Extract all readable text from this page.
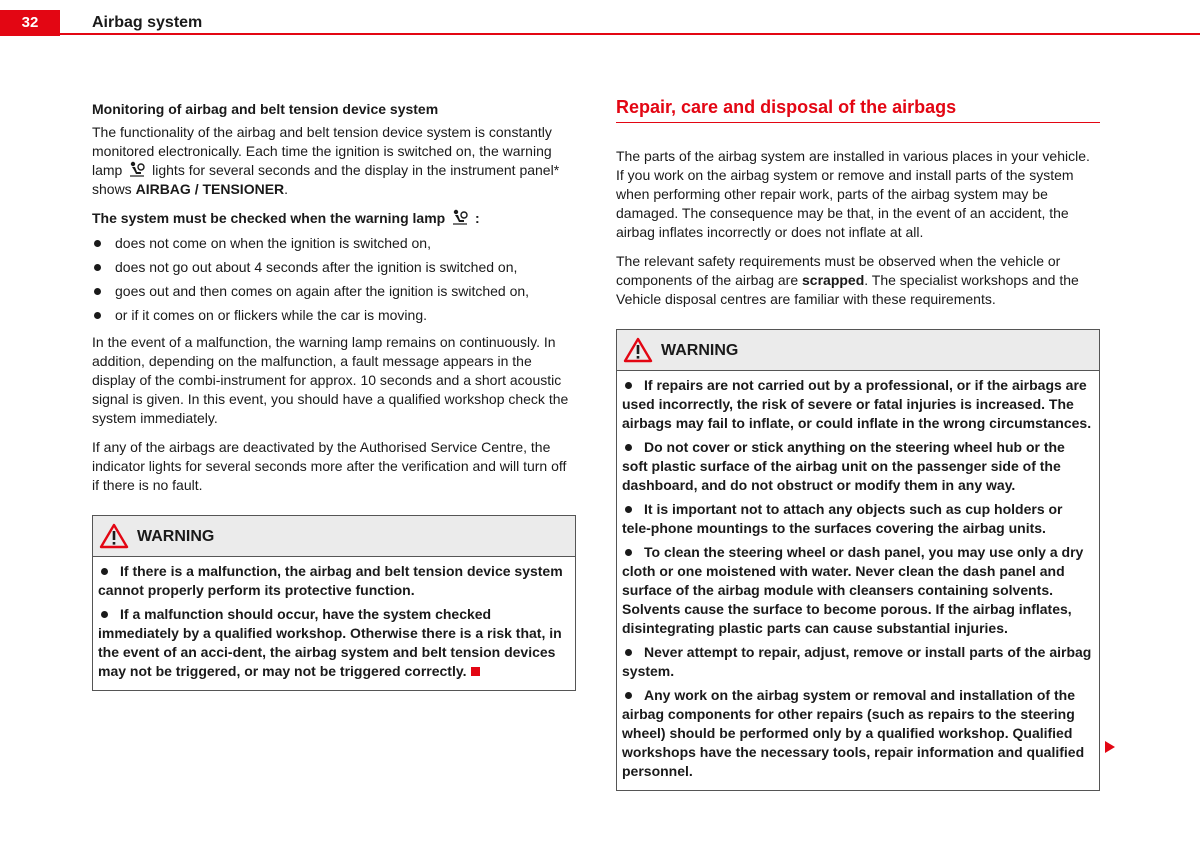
32	Airbag system
Monitoring of airbag and belt tension device system

The functionality of the airbag and belt tension device system is constantly monitored electronically. Each time the ignition is switched on, the warning lamp  lights for several seconds and the display in the instrument panel* shows AIRBAG / TENSIONER.

The system must be checked when the warning lamp  :
does not come on when the ignition is switched on,
does not go out about 4 seconds after the ignition is switched on,
goes out and then comes on again after the ignition is switched on,
or if it comes on or flickers while the car is moving.

In the event of a malfunction, the warning lamp remains on continuously. In addition, depending on the malfunction, a fault message appears in the display of the combi-instrument for approx. 10 seconds and a short acoustic signal is given. In this event, you should have a qualified workshop check the system immediately.

If any of the airbags are deactivated by the Authorised Service Centre, the indicator lights for several seconds more after the verification and will turn off if there is no fault.

WARNING
If there is a malfunction, the airbag and belt tension device system cannot properly perform its protective function.
If a malfunction should occur, have the system checked immediately by a qualified workshop. Otherwise there is a risk that, in the event of an acci-dent, the airbag system and belt tension devices may not be triggered, or may not be triggered correctly.
Repair, care and disposal of the airbags

The parts of the airbag system are installed in various places in your vehicle. If you work on the airbag system or remove and install parts of the system when performing other repair work, parts of the airbag system may be damaged. The consequence may be that, in the event of an accident, the airbag inflates incorrectly or does not inflate at all.

The relevant safety requirements must be observed when the vehicle or components of the airbag are scrapped. The specialist workshops and the Vehicle disposal centres are familiar with these requirements.

WARNING
If repairs are not carried out by a professional, or if the airbags are used incorrectly, the risk of severe or fatal injuries is increased. The airbags may fail to inflate, or could inflate in the wrong circumstances.
Do not cover or stick anything on the steering wheel hub or the soft plastic surface of the airbag unit on the passenger side of the dashboard, and do not obstruct or modify them in any way.
It is important not to attach any objects such as cup holders or tele-phone mountings to the surfaces covering the airbag units.
To clean the steering wheel or dash panel, you may use only a dry cloth or one moistened with water. Never clean the dash panel and surface of the airbag module with cleansers containing solvents. Solvents cause the surface to become porous. If the airbag inflates, disintegrating plastic parts can cause substantial injuries.
Never attempt to repair, adjust, remove or install parts of the airbag system.
Any work on the airbag system or removal and installation of the airbag components for other repairs (such as repairs to the steering wheel) should be performed only by a qualified workshop. Qualified workshops have the necessary tools, repair information and qualified personnel.
